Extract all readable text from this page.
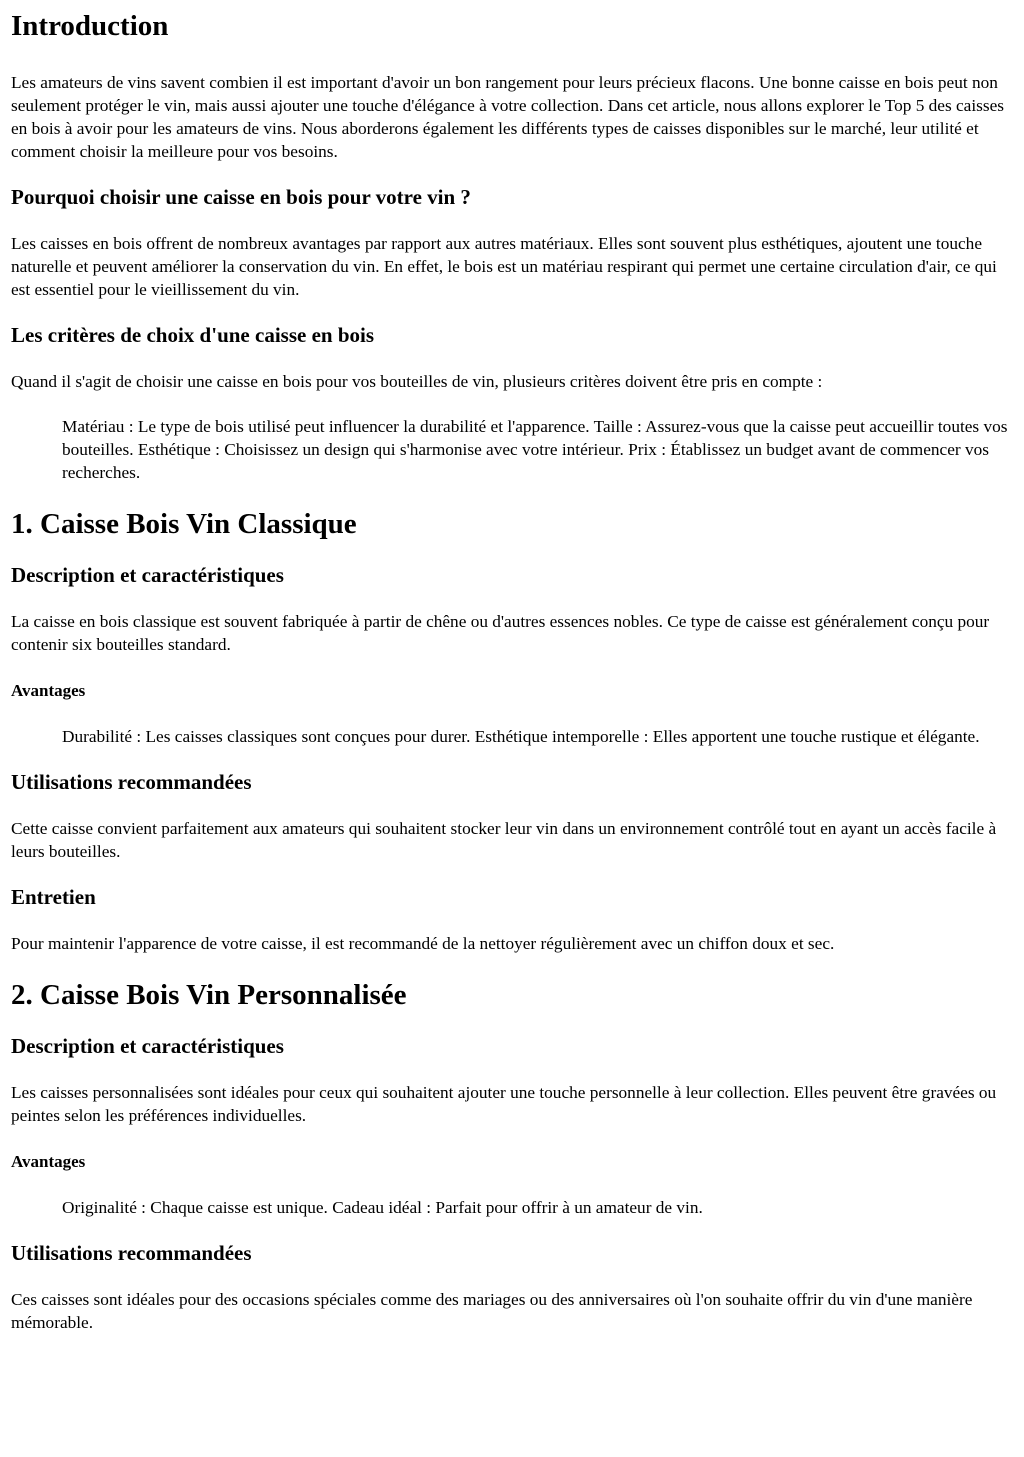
Introduction

Les amateurs de vins savent combien il est important d'avoir un bon rangement pour leurs précieux flacons. Une bonne caisse en bois peut non seulement protéger le vin, mais aussi ajouter une touche d'élégance à votre collection. Dans cet article, nous allons explorer le Top 5 des caisses en bois à avoir pour les amateurs de vins. Nous aborderons également les différents types de caisses disponibles sur le marché, leur utilité et comment choisir la meilleure pour vos besoins.

Pourquoi choisir une caisse en bois pour votre vin ?

Les caisses en bois offrent de nombreux avantages par rapport aux autres matériaux. Elles sont souvent plus esthétiques, ajoutent une touche naturelle et peuvent améliorer la conservation du vin. En effet, le bois est un matériau respirant qui permet une certaine circulation d'air, ce qui est essentiel pour le vieillissement du vin.

Les critères de choix d'une caisse en bois

Quand il s'agit de choisir une caisse en bois pour vos bouteilles de vin, plusieurs critères doivent être pris en compte :

Matériau : Le type de bois utilisé peut influencer la durabilité et l'apparence. Taille : Assurez-vous que la caisse peut accueillir toutes vos bouteilles. Esthétique : Choisissez un design qui s'harmonise avec votre intérieur. Prix : Établissez un budget avant de commencer vos recherches.

1. Caisse Bois Vin Classique
Description et caractéristiques

La caisse en bois classique est souvent fabriquée à partir de chêne ou d'autres essences nobles. Ce type de caisse est généralement conçu pour contenir six bouteilles standard.

Avantages

Durabilité : Les caisses classiques sont conçues pour durer. Esthétique intemporelle : Elles apportent une touche rustique et élégante.

Utilisations recommandées

Cette caisse convient parfaitement aux amateurs qui souhaitent stocker leur vin dans un environnement contrôlé tout en ayant un accès facile à leurs bouteilles.

Entretien

Pour maintenir l'apparence de votre caisse, il est recommandé de la nettoyer régulièrement avec un chiffon doux et sec.

2. Caisse Bois Vin Personnalisée
Description et caractéristiques

Les caisses personnalisées sont idéales pour ceux qui souhaitent ajouter une touche personnelle à leur collection. Elles peuvent être gravées ou peintes selon les préférences individuelles.

Avantages

Originalité : Chaque caisse est unique. Cadeau idéal : Parfait pour offrir à un amateur de vin.

Utilisations recommandées

Ces caisses sont idéales pour des occasions spéciales comme des mariages ou des anniversaires où l'on souhaite offrir du vin d'une manière mémorable.
